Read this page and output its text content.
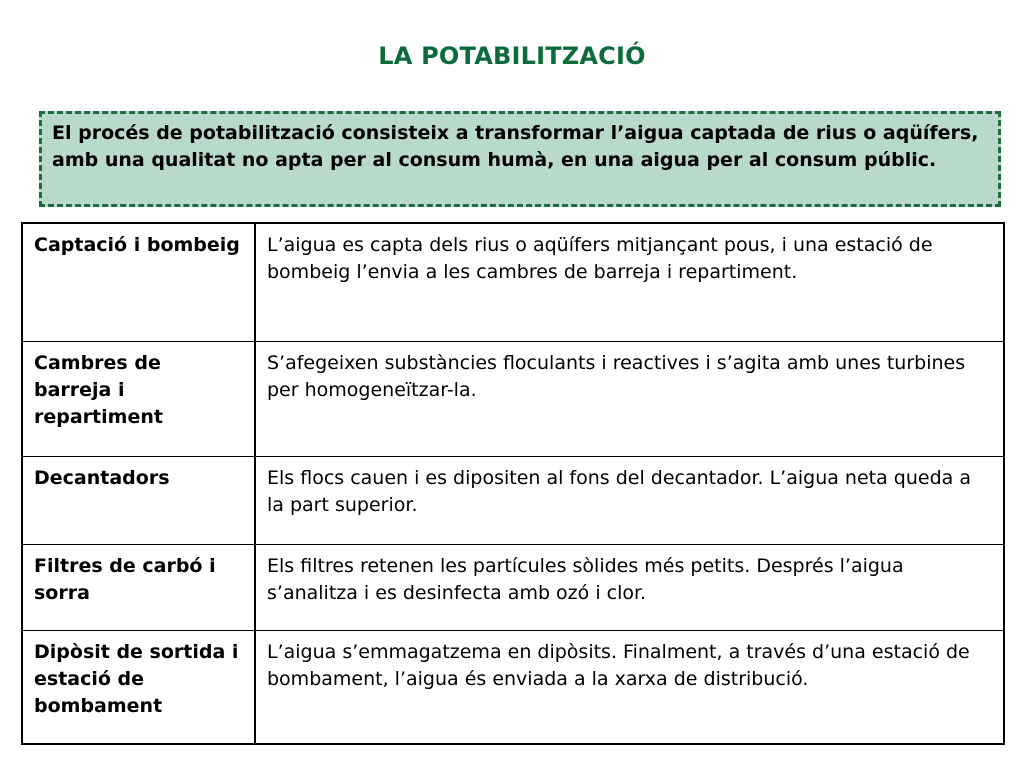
LA POTABILITZACIÓ
El procés de potabilització consisteix a transformar l’aigua captada de rius o aqüífers, amb una qualitat no apta per al consum humà, en una aigua per al consum públic.
Captació i bombeig	L’aigua es capta dels rius o aqüífers mitjançant pous, i una estació de bombeig l’envia a les cambres de barreja i repartiment.
Cambres de barreja i repartiment	S’afegeixen substàncies floculants i reactives i s’agita amb unes turbines per homogeneïtzar-la.
Decantadors	Els flocs cauen i es dipositen al fons del decantador. L’aigua neta queda a la part superior.
Filtres de carbó i sorra	Els filtres retenen les partícules sòlides més petits. Després l’aigua s’analitza i es desinfecta amb ozó i clor.
Dipòsit de sortida i estació de bombament	L’aigua s’emmagatzema en dipòsits. Finalment, a través d’una estació de bombament, l’aigua és enviada a la xarxa de distribució.
